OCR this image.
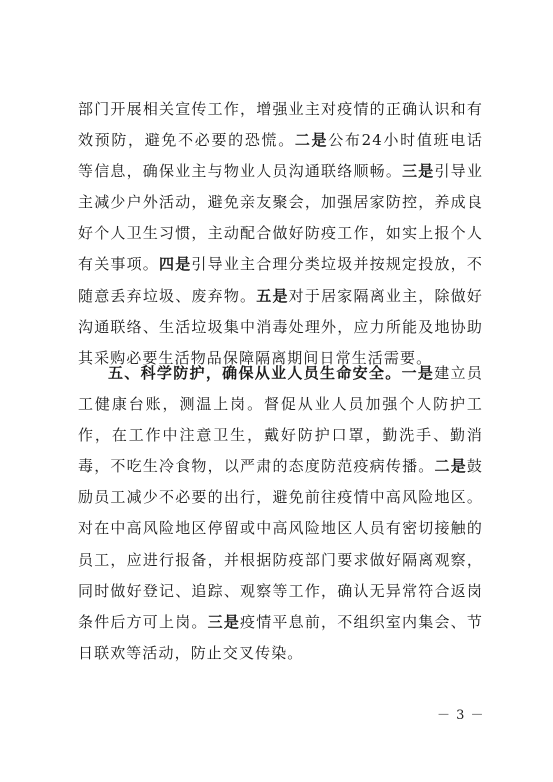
部门开展相关宣传工作，增强业主对疫情的正确认识和有效预防，避免不必要的恐慌。二是公布24小时值班电话等信息，确保业主与物业人员沟通联络顺畅。三是引导业主减少户外活动，避免亲友聚会，加强居家防控，养成良好个人卫生习惯，主动配合做好防疫工作，如实上报个人有关事项。四是引导业主合理分类垃圾并按规定投放，不随意丢弃垃圾、废弃物。五是对于居家隔离业主，除做好沟通联络、生活垃圾集中消毒处理外，应力所能及地协助其采购必要生活物品保障隔离期间日常生活需要。
五、科学防护，确保从业人员生命安全。一是建立员工健康台账，测温上岗。督促从业人员加强个人防护工作，在工作中注意卫生，戴好防护口罩，勤洗手、勤消毒，不吃生冷食物，以严肃的态度防范疫病传播。二是鼓励员工减少不必要的出行，避免前往疫情中高风险地区。对在中高风险地区停留或中高风险地区人员有密切接触的员工，应进行报备，并根据防疫部门要求做好隔离观察，同时做好登记、追踪、观察等工作，确认无异常符合返岗条件后方可上岗。三是疫情平息前，不组织室内集会、节日联欢等活动，防止交叉传染。
－ 3 －
